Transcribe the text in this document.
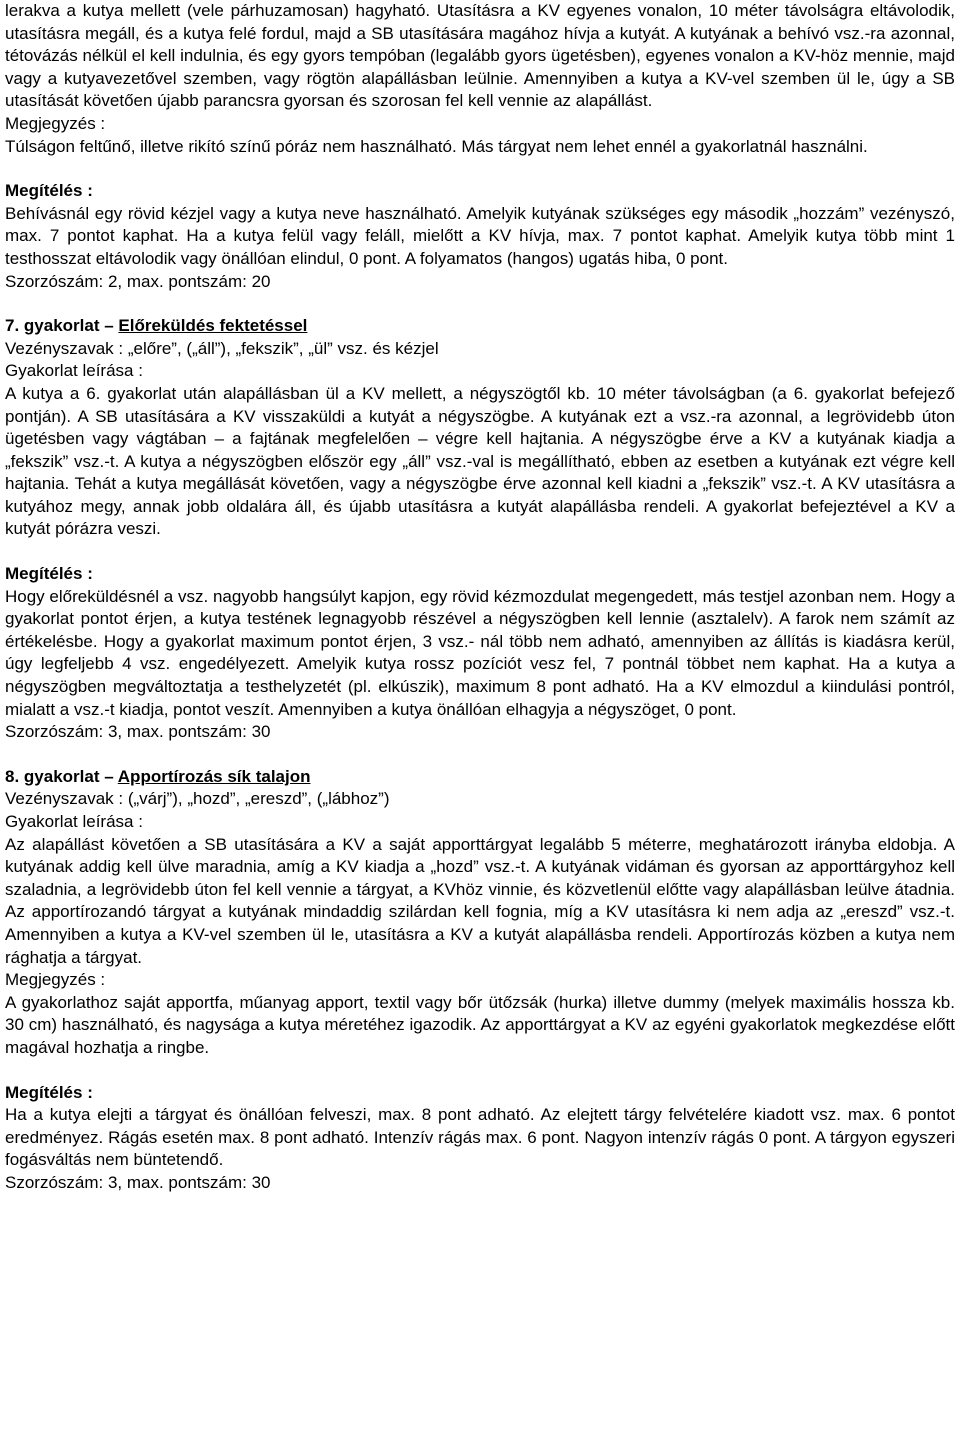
lerakva a kutya mellett (vele párhuzamosan) hagyható. Utasításra a KV egyenes vonalon, 10 méter távolságra eltávolodik, utasításra megáll, és a kutya felé fordul, majd a SB utasítására magához hívja a kutyát. A kutyának a behívó vsz.-ra azonnal, tétovázás nélkül el kell indulnia, és egy gyors tempóban (legalább gyors ügetésben), egyenes vonalon a KV-höz mennie, majd vagy a kutyavezetővel szemben, vagy rögtön alapállásban leülnie. Amennyiben a kutya a KV-vel szemben ül le, úgy a SB utasítását követően újabb parancsra gyorsan és szorosan fel kell vennie az alapállást.

Megjegyzés :

Túlságon feltűnő, illetve rikító színű póráz nem használható. Más tárgyat nem lehet ennél a gyakorlatnál használni.

Megítélés :

Behívásnál egy rövid kézjel vagy a kutya neve használható. Amelyik kutyának szükséges egy második „hozzám” vezényszó, max. 7 pontot kaphat. Ha a kutya felül vagy feláll, mielőtt a KV hívja, max. 7 pontot kaphat. Amelyik kutya több mint 1 testhosszat eltávolodik vagy önállóan elindul, 0 pont. A folyamatos (hangos) ugatás hiba, 0 pont.

Szorzószám: 2, max. pontszám: 20

7. gyakorlat – Előreküldés fektetéssel

Vezényszavak : „előre”, („áll”), „fekszik”, „ül” vsz. és kézjel

Gyakorlat leírása :

A kutya a 6. gyakorlat után alapállásban ül a KV mellett, a négyszögtől kb. 10 méter távolságban (a 6. gyakorlat befejező pontján). A SB utasítására a KV visszaküldi a kutyát a négyszögbe. A kutyának ezt a vsz.-ra azonnal, a legrövidebb úton ügetésben vagy vágtában – a fajtának megfelelően – végre kell hajtania. A négyszögbe érve a KV a kutyának kiadja a „fekszik” vsz.-t. A kutya a négyszögben először egy „áll” vsz.-val is megállítható, ebben az esetben a kutyának ezt végre kell hajtania. Tehát a kutya megállását követően, vagy a négyszögbe érve azonnal kell kiadni a „fekszik” vsz.-t. A KV utasításra a kutyához megy, annak jobb oldalára áll, és újabb utasításra a kutyát alapállásba rendeli. A gyakorlat befejeztével a KV a kutyát pórázra veszi.

Megítélés :

Hogy előreküldésnél a vsz. nagyobb hangsúlyt kapjon, egy rövid kézmozdulat megengedett, más testjel azonban nem. Hogy a gyakorlat pontot érjen, a kutya testének legnagyobb részével a négyszögben kell lennie (asztalelv). A farok nem számít az értékelésbe. Hogy a gyakorlat maximum pontot érjen, 3 vsz.- nál több nem adható, amennyiben az állítás is kiadásra kerül, úgy legfeljebb 4 vsz. engedélyezett. Amelyik kutya rossz pozíciót vesz fel, 7 pontnál többet nem kaphat. Ha a kutya a négyszögben megváltoztatja a testhelyzetét (pl. elkúszik), maximum 8 pont adható. Ha a KV elmozdul a kiindulási pontról, mialatt a vsz.-t kiadja, pontot veszít. Amennyiben a kutya önállóan elhagyja a négyszöget, 0 pont.

Szorzószám: 3, max. pontszám: 30

8. gyakorlat – Apportírozás sík talajon

Vezényszavak : („várj”), „hozd”, „ereszd”, („lábhoz”)

Gyakorlat leírása :

Az alapállást követően a SB utasítására a KV a saját apporttárgyat legalább 5 méterre, meghatározott irányba eldobja. A kutyának addig kell ülve maradnia, amíg a KV kiadja a „hozd” vsz.-t. A kutyának vidáman és gyorsan az apporttárgyhoz kell szaladnia, a legrövidebb úton fel kell vennie a tárgyat, a KVhöz vinnie, és közvetlenül előtte vagy alapállásban leülve átadnia. Az apportírozandó tárgyat a kutyának mindaddig szilárdan kell fognia, míg a KV utasításra ki nem adja az „ereszd” vsz.-t. Amennyiben a kutya a KV-vel szemben ül le, utasításra a KV a kutyát alapállásba rendeli. Apportírozás közben a kutya nem rághatja a tárgyat.

Megjegyzés :

A gyakorlathoz saját apportfa, műanyag apport, textil vagy bőr ütőzsák (hurka) illetve dummy (melyek maximális hossza kb. 30 cm) használható, és nagysága a kutya méretéhez igazodik. Az apporttárgyat a KV az egyéni gyakorlatok megkezdése előtt magával hozhatja a ringbe.

Megítélés :

Ha a kutya elejti a tárgyat és önállóan felveszi, max. 8 pont adható. Az elejtett tárgy felvételére kiadott vsz. max. 6 pontot eredményez. Rágás esetén max. 8 pont adható. Intenzív rágás max. 6 pont. Nagyon intenzív rágás 0 pont. A tárgyon egyszeri fogásváltás nem büntetendő.

Szorzószám: 3, max. pontszám: 30
